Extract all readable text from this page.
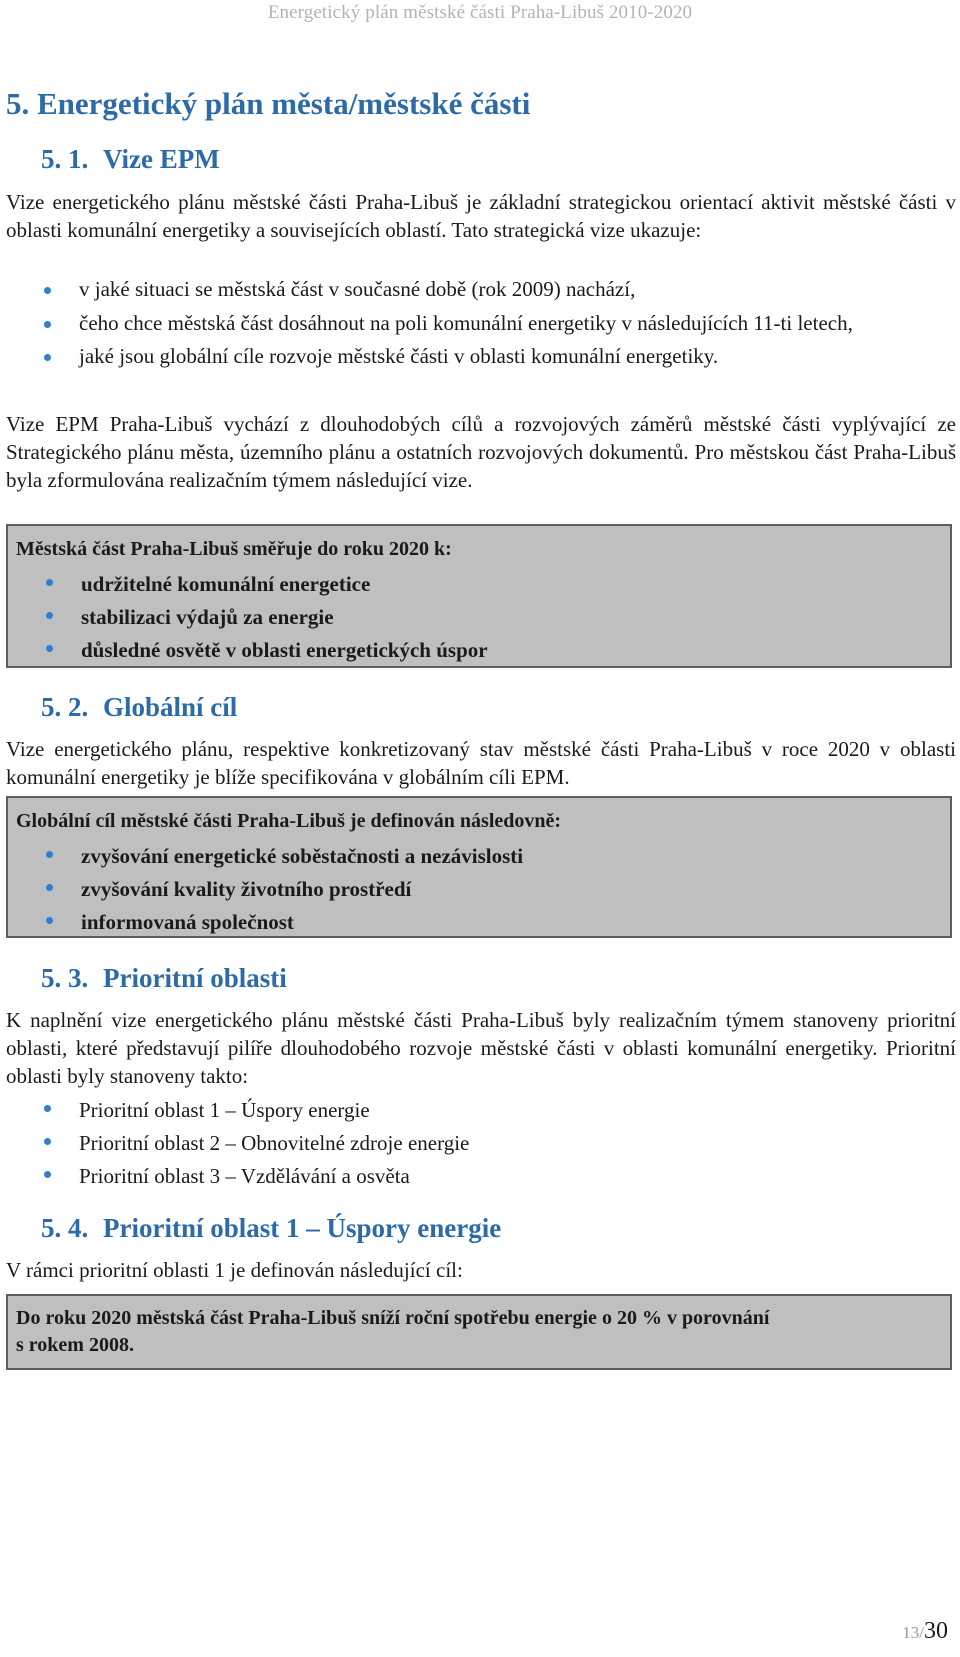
Energetický plán městské části Praha-Libuš 2010-2020
5. Energetický plán města/městské části
5. 1. Vize EPM
Vize energetického plánu městské části Praha-Libuš je základní strategickou orientací aktivit městské části v oblasti komunální energetiky a souvisejících oblastí. Tato strategická vize ukazuje:
v jaké situaci se městská část v současné době (rok 2009) nachází,
čeho chce městská část dosáhnout na poli komunální energetiky v následujících 11-ti letech,
jaké jsou globální cíle rozvoje městské části v oblasti komunální energetiky.
Vize EPM Praha-Libuš vychází z dlouhodobých cílů a rozvojových záměrů městské části vyplývající ze Strategického plánu města, územního plánu a ostatních rozvojových dokumentů. Pro městskou část Praha-Libuš byla zformulována realizačním týmem následující vize.
Městská část Praha-Libuš směřuje do roku 2020 k:
udržitelné komunální energetice
stabilizaci výdajů za energie
důsledné osvětě v oblasti energetických úspor
5. 2. Globální cíl
Vize energetického plánu, respektive konkretizovaný stav městské části Praha-Libuš v roce 2020 v oblasti komunální energetiky je blíže specifikována v globálním cíli EPM.
Globální cíl městské části Praha-Libuš je definován následovně:
zvyšování energetické soběstačnosti a nezávislosti
zvyšování kvality životního prostředí
informovaná společnost
5. 3. Prioritní oblasti
K naplnění vize energetického plánu městské části Praha-Libuš byly realizačním týmem stanoveny prioritní oblasti, které představují pilíře dlouhodobého rozvoje městské části v oblasti komunální energetiky. Prioritní oblasti byly stanoveny takto:
Prioritní oblast 1 – Úspory energie
Prioritní oblast 2 – Obnovitelné zdroje energie
Prioritní oblast 3 – Vzdělávání a osvěta
5. 4. Prioritní oblast 1 – Úspory energie
V rámci prioritní oblasti 1 je definován následující cíl:
Do roku 2020 městská část Praha-Libuš sníží roční spotřebu energie o 20 % v porovnání
s rokem 2008.
13/30
